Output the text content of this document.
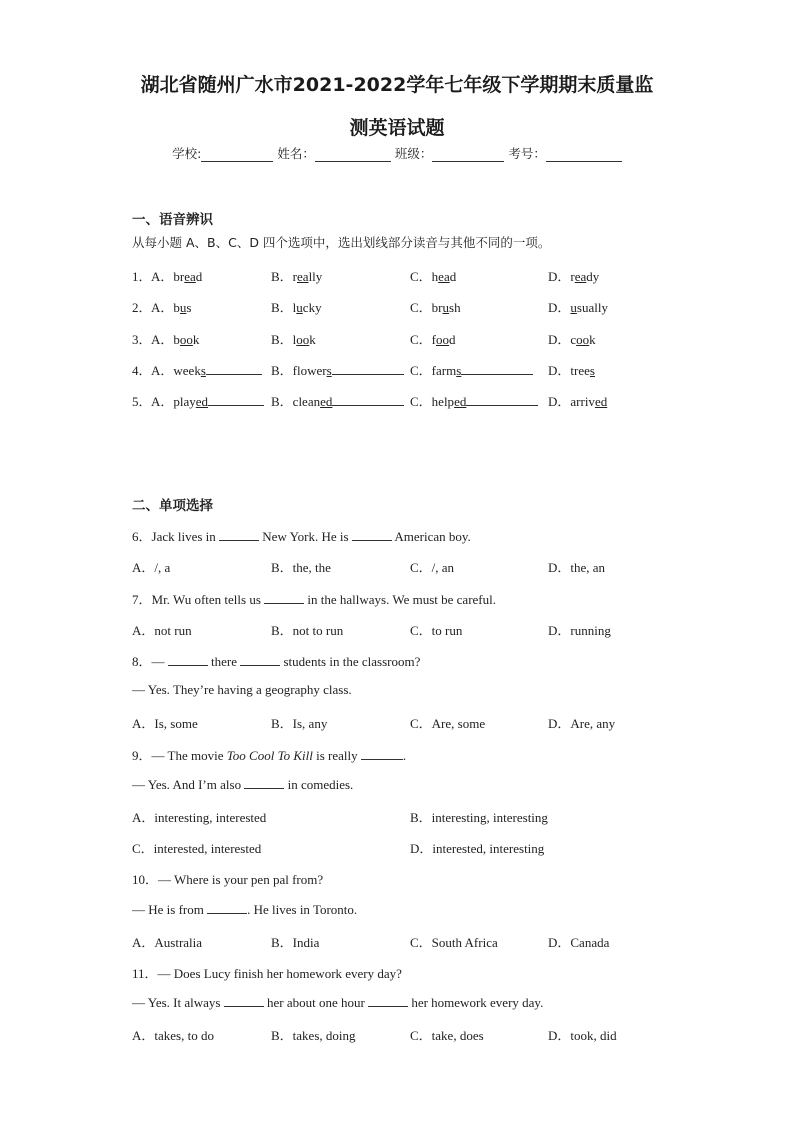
湖北省随州广水市2021-2022学年七年级下学期期末质量监
测英语试题
学校:	姓名：	班级：	考号：
一、语音辨识
从每小题 A、B、C、D 四个选项中，选出划线部分读音与其他不同的一项。
1． A．bread	B．really	C．head	D．ready
2． A．bus	B．lucky	C．brush	D．usually
3． A．book	B．look	C．food	D．cook
4． A．weeks	B．flowers	C．farms	D．trees
5． A．played	B．cleaned	C．helped	D．arrived
二、单项选择
6．Jack lives in	New York. He is	American boy.
A．/, a	B．the, the	C．/, an	D．the, an
7．Mr. Wu often tells us	in the hallways. We must be careful.
A．not run	B．not to run	C．to run	D．running
8．—	there	students in the classroom?
— Yes. They’re having a geography class.
A．Is, some	B．Is, any	C．Are, some	D．Are, any
9．— The movie Too Cool To Kill is really	.
— Yes. And I’m also	in comedies.
A．interesting, interested	B．interesting, interesting
C．interested, interested	D．interested, interesting
10．— Where is your pen pal from?
— He is from	. He lives in Toronto.
A．Australia	B．India	C．South Africa	D．Canada
11．— Does Lucy finish her homework every day?
— Yes. It always	her about one hour	her homework every day.
A．takes, to do	B．takes, doing	C．take, does	D．took, did
